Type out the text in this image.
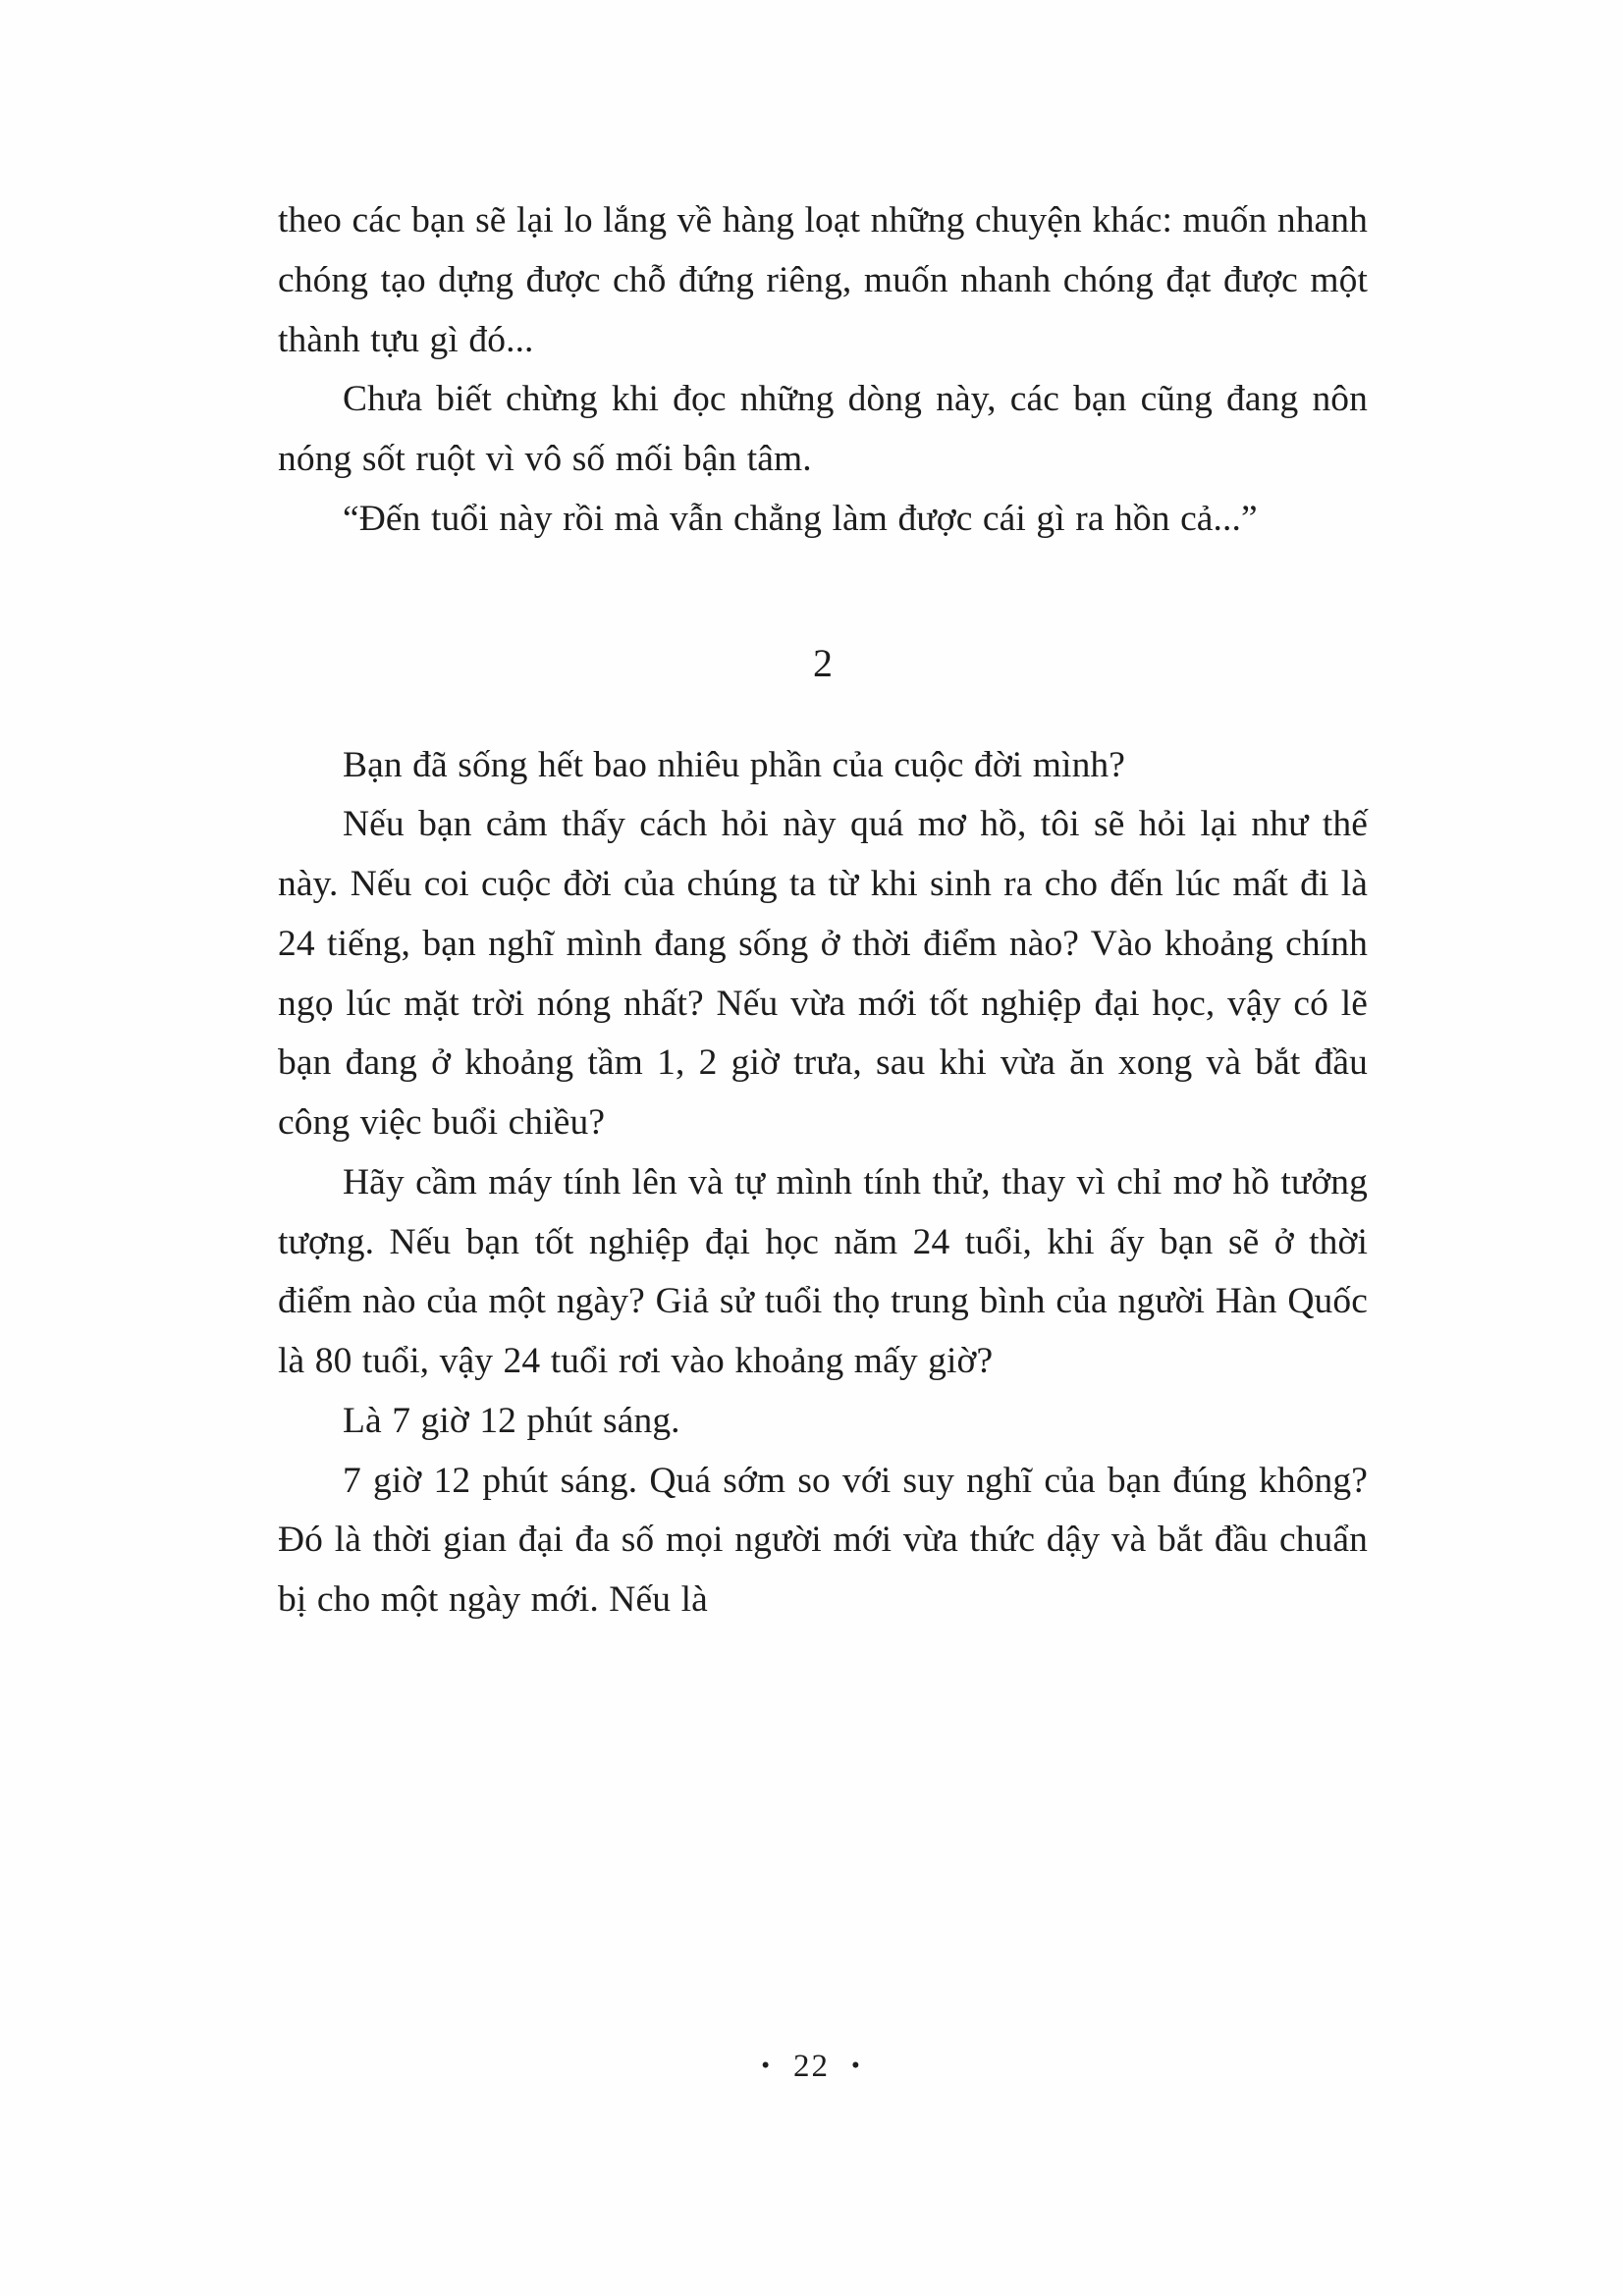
theo các bạn sẽ lại lo lắng về hàng loạt những chuyện khác: muốn nhanh chóng tạo dựng được chỗ đứng riêng, muốn nhanh chóng đạt được một thành tựu gì đó...

Chưa biết chừng khi đọc những dòng này, các bạn cũng đang nôn nóng sốt ruột vì vô số mối bận tâm.

“Đến tuổi này rồi mà vẫn chẳng làm được cái gì ra hồn cả...”

2

Bạn đã sống hết bao nhiêu phần của cuộc đời mình?

Nếu bạn cảm thấy cách hỏi này quá mơ hồ, tôi sẽ hỏi lại như thế này. Nếu coi cuộc đời của chúng ta từ khi sinh ra cho đến lúc mất đi là 24 tiếng, bạn nghĩ mình đang sống ở thời điểm nào? Vào khoảng chính ngọ lúc mặt trời nóng nhất? Nếu vừa mới tốt nghiệp đại học, vậy có lẽ bạn đang ở khoảng tầm 1, 2 giờ trưa, sau khi vừa ăn xong và bắt đầu công việc buổi chiều?

Hãy cầm máy tính lên và tự mình tính thử, thay vì chỉ mơ hồ tưởng tượng. Nếu bạn tốt nghiệp đại học năm 24 tuổi, khi ấy bạn sẽ ở thời điểm nào của một ngày? Giả sử tuổi thọ trung bình của người Hàn Quốc là 80 tuổi, vậy 24 tuổi rơi vào khoảng mấy giờ?

Là 7 giờ 12 phút sáng.

7 giờ 12 phút sáng. Quá sớm so với suy nghĩ của bạn đúng không? Đó là thời gian đại đa số mọi người mới vừa thức dậy và bắt đầu chuẩn bị cho một ngày mới. Nếu là

• 22 •
